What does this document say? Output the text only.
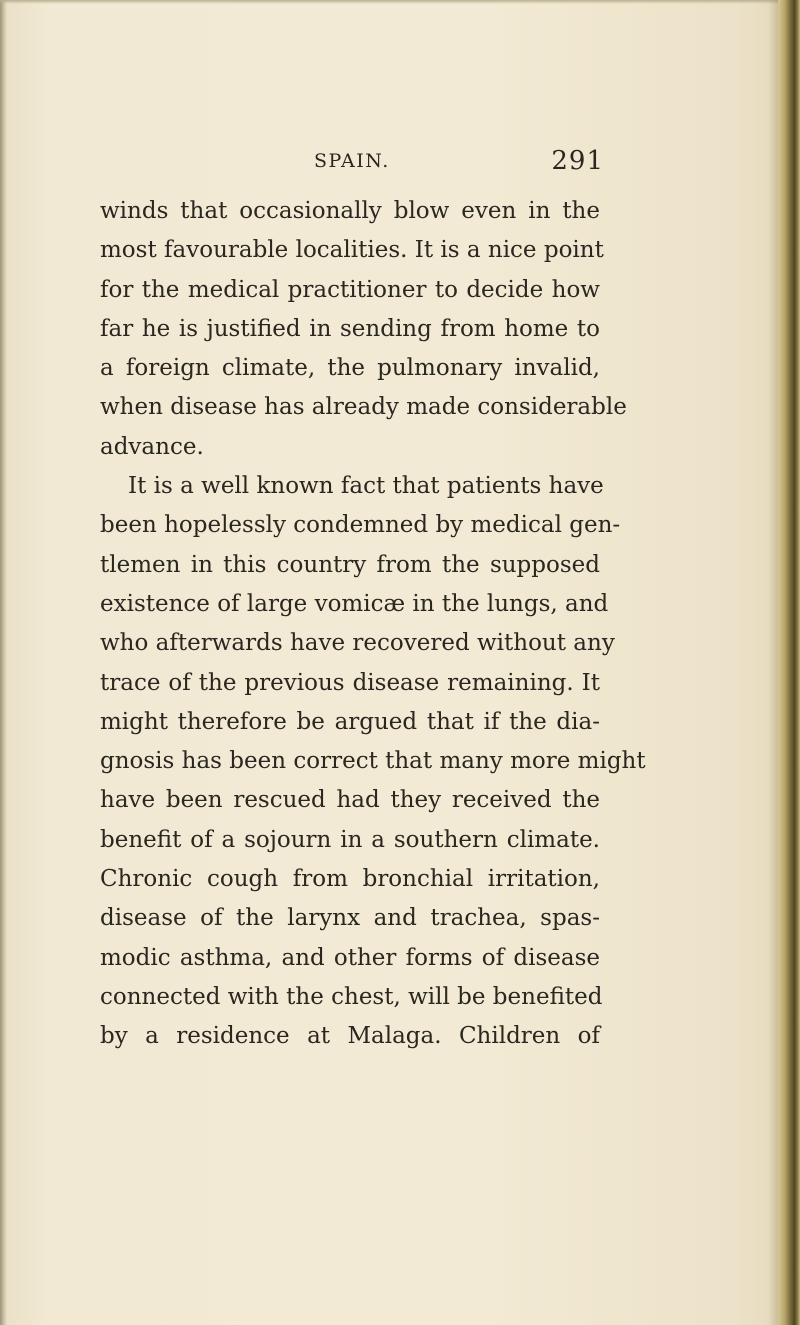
SPAIN.	291
winds that occasionally blow even in the
most favourable localities. It is a nice point
for the medical practitioner to decide how
far he is justified in sending from home to
a foreign climate, the pulmonary invalid,
when disease has already made considerable
advance.
It is a well known fact that patients have
been hopelessly condemned by medical gen-
tlemen in this country from the supposed
existence of large vomicæ in the lungs, and
who afterwards have recovered without any
trace of the previous disease remaining. It
might therefore be argued that if the dia-
gnosis has been correct that many more might
have been rescued had they received the
benefit of a sojourn in a southern climate.
Chronic cough from bronchial irritation,
disease of the larynx and trachea, spas-
modic asthma, and other forms of disease
connected with the chest, will be benefited
by a residence at Malaga. Children of
